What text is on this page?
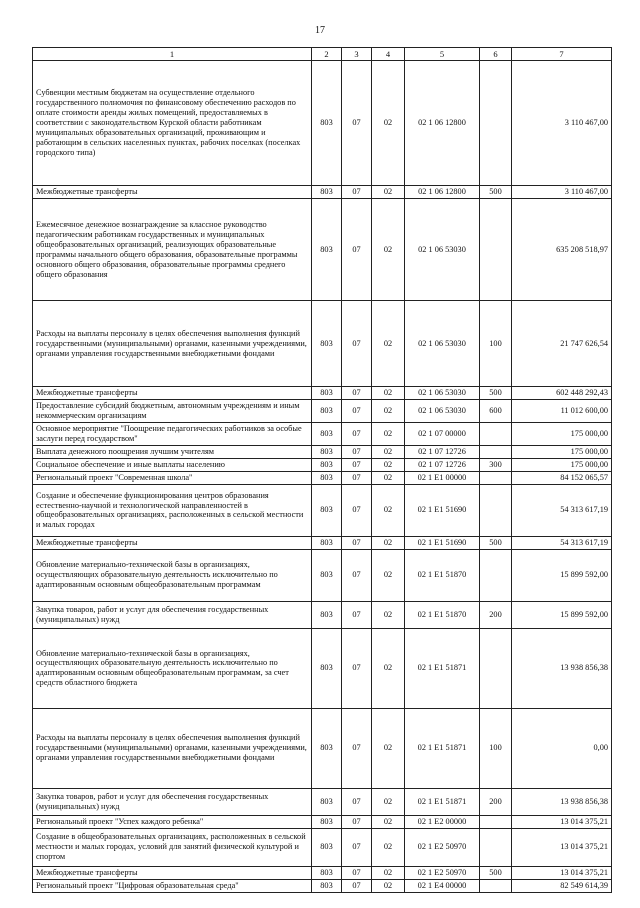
17
1	2	3	4	5	6	7
Субвенции местным бюджетам на осуществление отдельного государственного полномочия по финансовому обеспечению расходов по оплате стоимости аренды жилых помещений, предоставляемых в соответствии с законодательством Курской области работникам муниципальных образовательных организаций, проживающим и работающим в сельских населенных пунктах, рабочих поселках (поселках городского типа)	803	07	02	02 1 06 12800		3 110 467,00
Межбюджетные трансферты	803	07	02	02 1 06 12800	500	3 110 467,00
Ежемесячное денежное вознаграждение за классное руководство педагогическим работникам государственных и муниципальных общеобразовательных организаций, реализующих образовательные программы начального общего образования, образовательные программы основного общего образования, образовательные программы среднего общего образования	803	07	02	02 1 06 53030		635 208 518,97
Расходы на выплаты персоналу в целях обеспечения выполнения функций государственными (муниципальными) органами, казенными учреждениями, органами управления государственными внебюджетными фондами	803	07	02	02 1 06 53030	100	21 747 626,54
Межбюджетные трансферты	803	07	02	02 1 06 53030	500	602 448 292,43
Предоставление субсидий бюджетным, автономным учреждениям и иным некоммерческим организациям	803	07	02	02 1 06 53030	600	11 012 600,00
Основное мероприятие "Поощрение педагогических работников за особые заслуги перед государством"	803	07	02	02 1 07 00000		175 000,00
Выплата денежного поощрения лучшим учителям	803	07	02	02 1 07 12726		175 000,00
Социальное обеспечение и иные выплаты населению	803	07	02	02 1 07 12726	300	175 000,00
Региональный проект "Современная школа"	803	07	02	02 1 E1 00000		84 152 065,57
Создание и обеспечение функционирования центров образования естественно-научной и технологической направленностей в общеобразовательных организациях, расположенных в сельской местности и малых городах	803	07	02	02 1 E1 51690		54 313 617,19
Межбюджетные трансферты	803	07	02	02 1 E1 51690	500	54 313 617,19
Обновление материально-технической базы в организациях, осуществляющих образовательную деятельность исключительно по адаптированным основным общеобразовательным программам	803	07	02	02 1 E1 51870		15 899 592,00
Закупка товаров, работ и услуг для обеспечения государственных (муниципальных) нужд	803	07	02	02 1 E1 51870	200	15 899 592,00
Обновление материально-технической базы в организациях, осуществляющих образовательную деятельность исключительно по адаптированным основным общеобразовательным программам, за счет средств областного бюджета	803	07	02	02 1 E1 51871		13 938 856,38
Расходы на выплаты персоналу в целях обеспечения выполнения функций государственными (муниципальными) органами, казенными учреждениями, органами управления государственными внебюджетными фондами	803	07	02	02 1 E1 51871	100	0,00
Закупка товаров, работ и услуг для обеспечения государственных (муниципальных) нужд	803	07	02	02 1 E1 51871	200	13 938 856,38
Региональный проект "Успех каждого ребенка"	803	07	02	02 1 E2 00000		13 014 375,21
Создание в общеобразовательных организациях, расположенных в сельской местности и малых городах, условий для занятий физической культурой и спортом	803	07	02	02 1 E2 50970		13 014 375,21
Межбюджетные трансферты	803	07	02	02 1 E2 50970	500	13 014 375,21
Региональный проект "Цифровая образовательная среда"	803	07	02	02 1 E4 00000		82 549 614,39
